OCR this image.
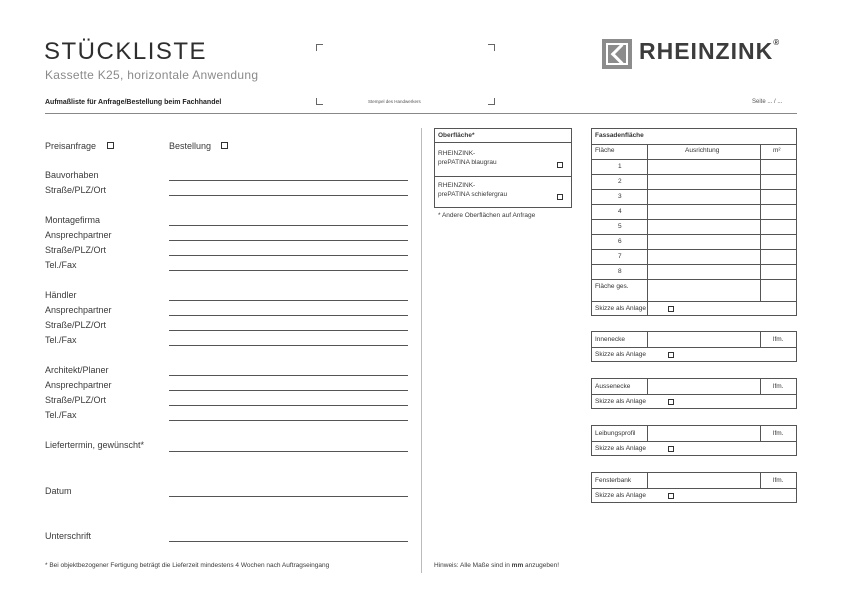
STÜCKLISTE
Kassette K25, horizontale Anwendung
Aufmaßliste für Anfrage/Bestellung beim Fachhandel	Stempel des Handwerkers	Seite ... / ...
RHEINZINK®
Preisanfrage	Bestellung
Bauvorhaben
Straße/PLZ/Ort
Montagefirma
Ansprechpartner
Straße/PLZ/Ort
Tel./Fax
Händler
Ansprechpartner
Straße/PLZ/Ort
Tel./Fax
Architekt/Planer
Ansprechpartner
Straße/PLZ/Ort
Tel./Fax
Liefertermin, gewünscht*
Datum
Unterschrift
* Bei objektbezogener Fertigung beträgt die Lieferzeit mindestens 4 Wochen nach Auftragseingang	Hinweis: Alle Maße sind in mm anzugeben!
Oberfläche*
RHEINZINK-
prePATINA blaugrau
RHEINZINK-
prePATINA schiefergrau
* Andere Oberflächen auf Anfrage
Fassadenfläche
Fläche	Ausrichtung	m²
1
2
3
4
5
6
7
8
Fläche ges.
Skizze als Anlage
Innenecke	lfm.
Skizze als Anlage
Aussenecke	lfm.
Skizze als Anlage
Leibungsprofil	lfm.
Skizze als Anlage
Fensterbank	lfm.
Skizze als Anlage
